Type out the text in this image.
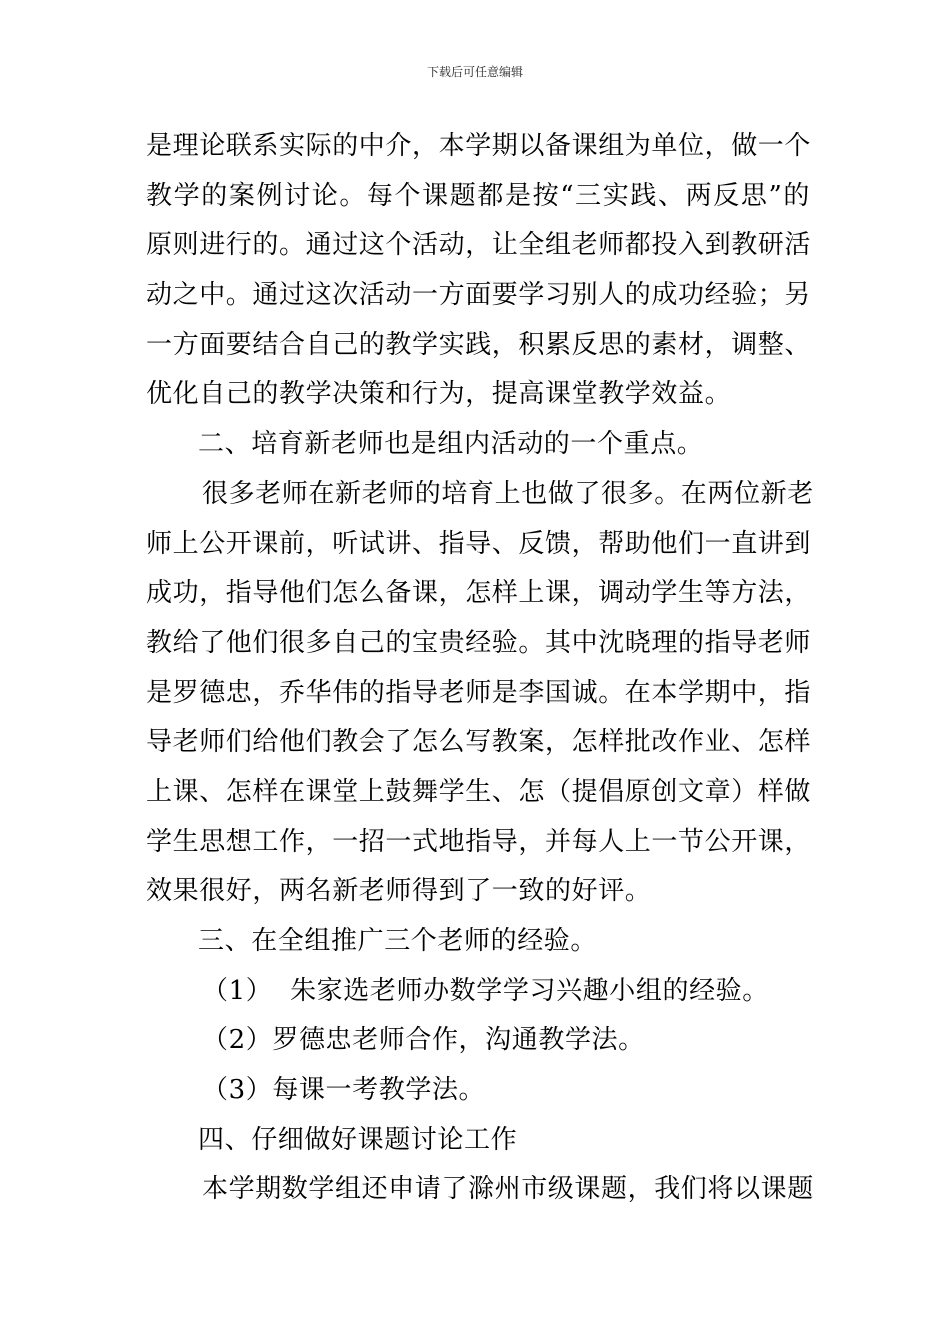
下载后可任意编辑
是理论联系实际的中介，本学期以备课组为单位，做一个
教学的案例讨论。每个课题都是按“三实践、两反思”的
原则进行的。通过这个活动，让全组老师都投入到教研活
动之中。通过这次活动一方面要学习别人的成功经验；另
一方面要结合自己的教学实践，积累反思的素材，调整、
优化自己的教学决策和行为，提高课堂教学效益。
二、培育新老师也是组内活动的一个重点。
很多老师在新老师的培育上也做了很多。在两位新老
师上公开课前，听试讲、指导、反馈，帮助他们一直讲到
成功，指导他们怎么备课，怎样上课，调动学生等方法，
教给了他们很多自己的宝贵经验。其中沈晓理的指导老师
是罗德忠，乔华伟的指导老师是李国诚。在本学期中，指
导老师们给他们教会了怎么写教案，怎样批改作业、怎样
上课、怎样在课堂上鼓舞学生、怎（提倡原创文章）样做
学生思想工作，一招一式地指导，并每人上一节公开课，
效果很好，两名新老师得到了一致的好评。
三、在全组推广三个老师的经验。
（1）  朱家选老师办数学学习兴趣小组的经验。
（2）罗德忠老师合作，沟通教学法。
（3）每课一考教学法。
四、仔细做好课题讨论工作
本学期数学组还申请了滁州市级课题，我们将以课题
